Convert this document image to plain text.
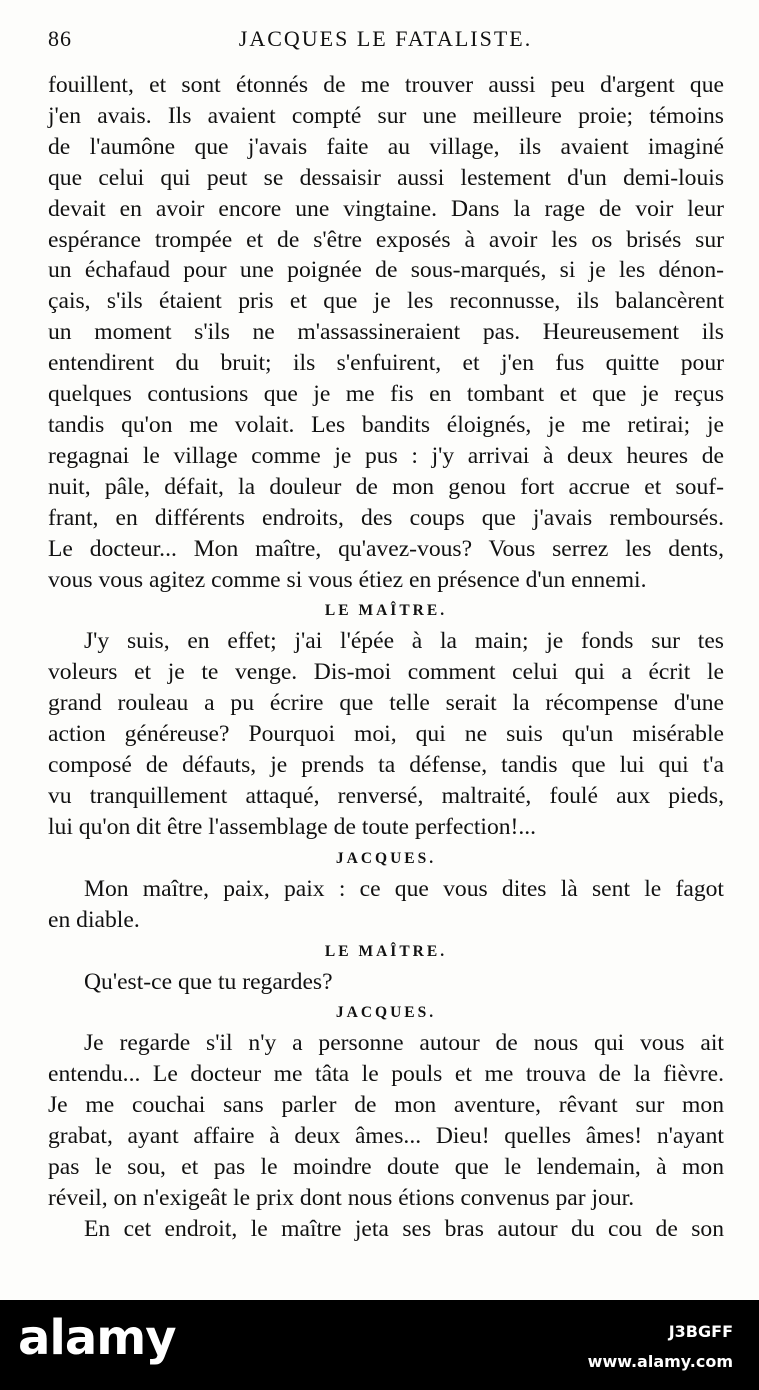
86	JACQUES LE FATALISTE.
fouillent, et sont étonnés de me trouver aussi peu d'argent que
j'en avais. Ils avaient compté sur une meilleure proie; témoins
de l'aumône que j'avais faite au village, ils avaient imaginé
que celui qui peut se dessaisir aussi lestement d'un demi-louis
devait en avoir encore une vingtaine. Dans la rage de voir leur
espérance trompée et de s'être exposés à avoir les os brisés sur
un échafaud pour une poignée de sous-marqués, si je les dénon-
çais, s'ils étaient pris et que je les reconnusse, ils balancèrent
un moment s'ils ne m'assassineraient pas. Heureusement ils
entendirent du bruit; ils s'enfuirent, et j'en fus quitte pour
quelques contusions que je me fis en tombant et que je reçus
tandis qu'on me volait. Les bandits éloignés, je me retirai; je
regagnai le village comme je pus : j'y arrivai à deux heures de
nuit, pâle, défait, la douleur de mon genou fort accrue et souf-
frant, en différents endroits, des coups que j'avais remboursés.
Le docteur... Mon maître, qu'avez-vous? Vous serrez les dents,
vous vous agitez comme si vous étiez en présence d'un ennemi.
LE MAÎTRE.
J'y suis, en effet; j'ai l'épée à la main; je fonds sur tes
voleurs et je te venge. Dis-moi comment celui qui a écrit le
grand rouleau a pu écrire que telle serait la récompense d'une
action généreuse? Pourquoi moi, qui ne suis qu'un misérable
composé de défauts, je prends ta défense, tandis que lui qui t'a
vu tranquillement attaqué, renversé, maltraité, foulé aux pieds,
lui qu'on dit être l'assemblage de toute perfection!...
JACQUES.
Mon maître, paix, paix : ce que vous dites là sent le fagot
en diable.
LE MAÎTRE.
Qu'est-ce que tu regardes?
JACQUES.
Je regarde s'il n'y a personne autour de nous qui vous ait
entendu... Le docteur me tâta le pouls et me trouva de la fièvre.
Je me couchai sans parler de mon aventure, rêvant sur mon
grabat, ayant affaire à deux âmes... Dieu! quelles âmes! n'ayant
pas le sou, et pas le moindre doute que le lendemain, à mon
réveil, on n'exigeât le prix dont nous étions convenus par jour.
En cet endroit, le maître jeta ses bras autour du cou de son
alamy	J3BGFF
www.alamy.com
